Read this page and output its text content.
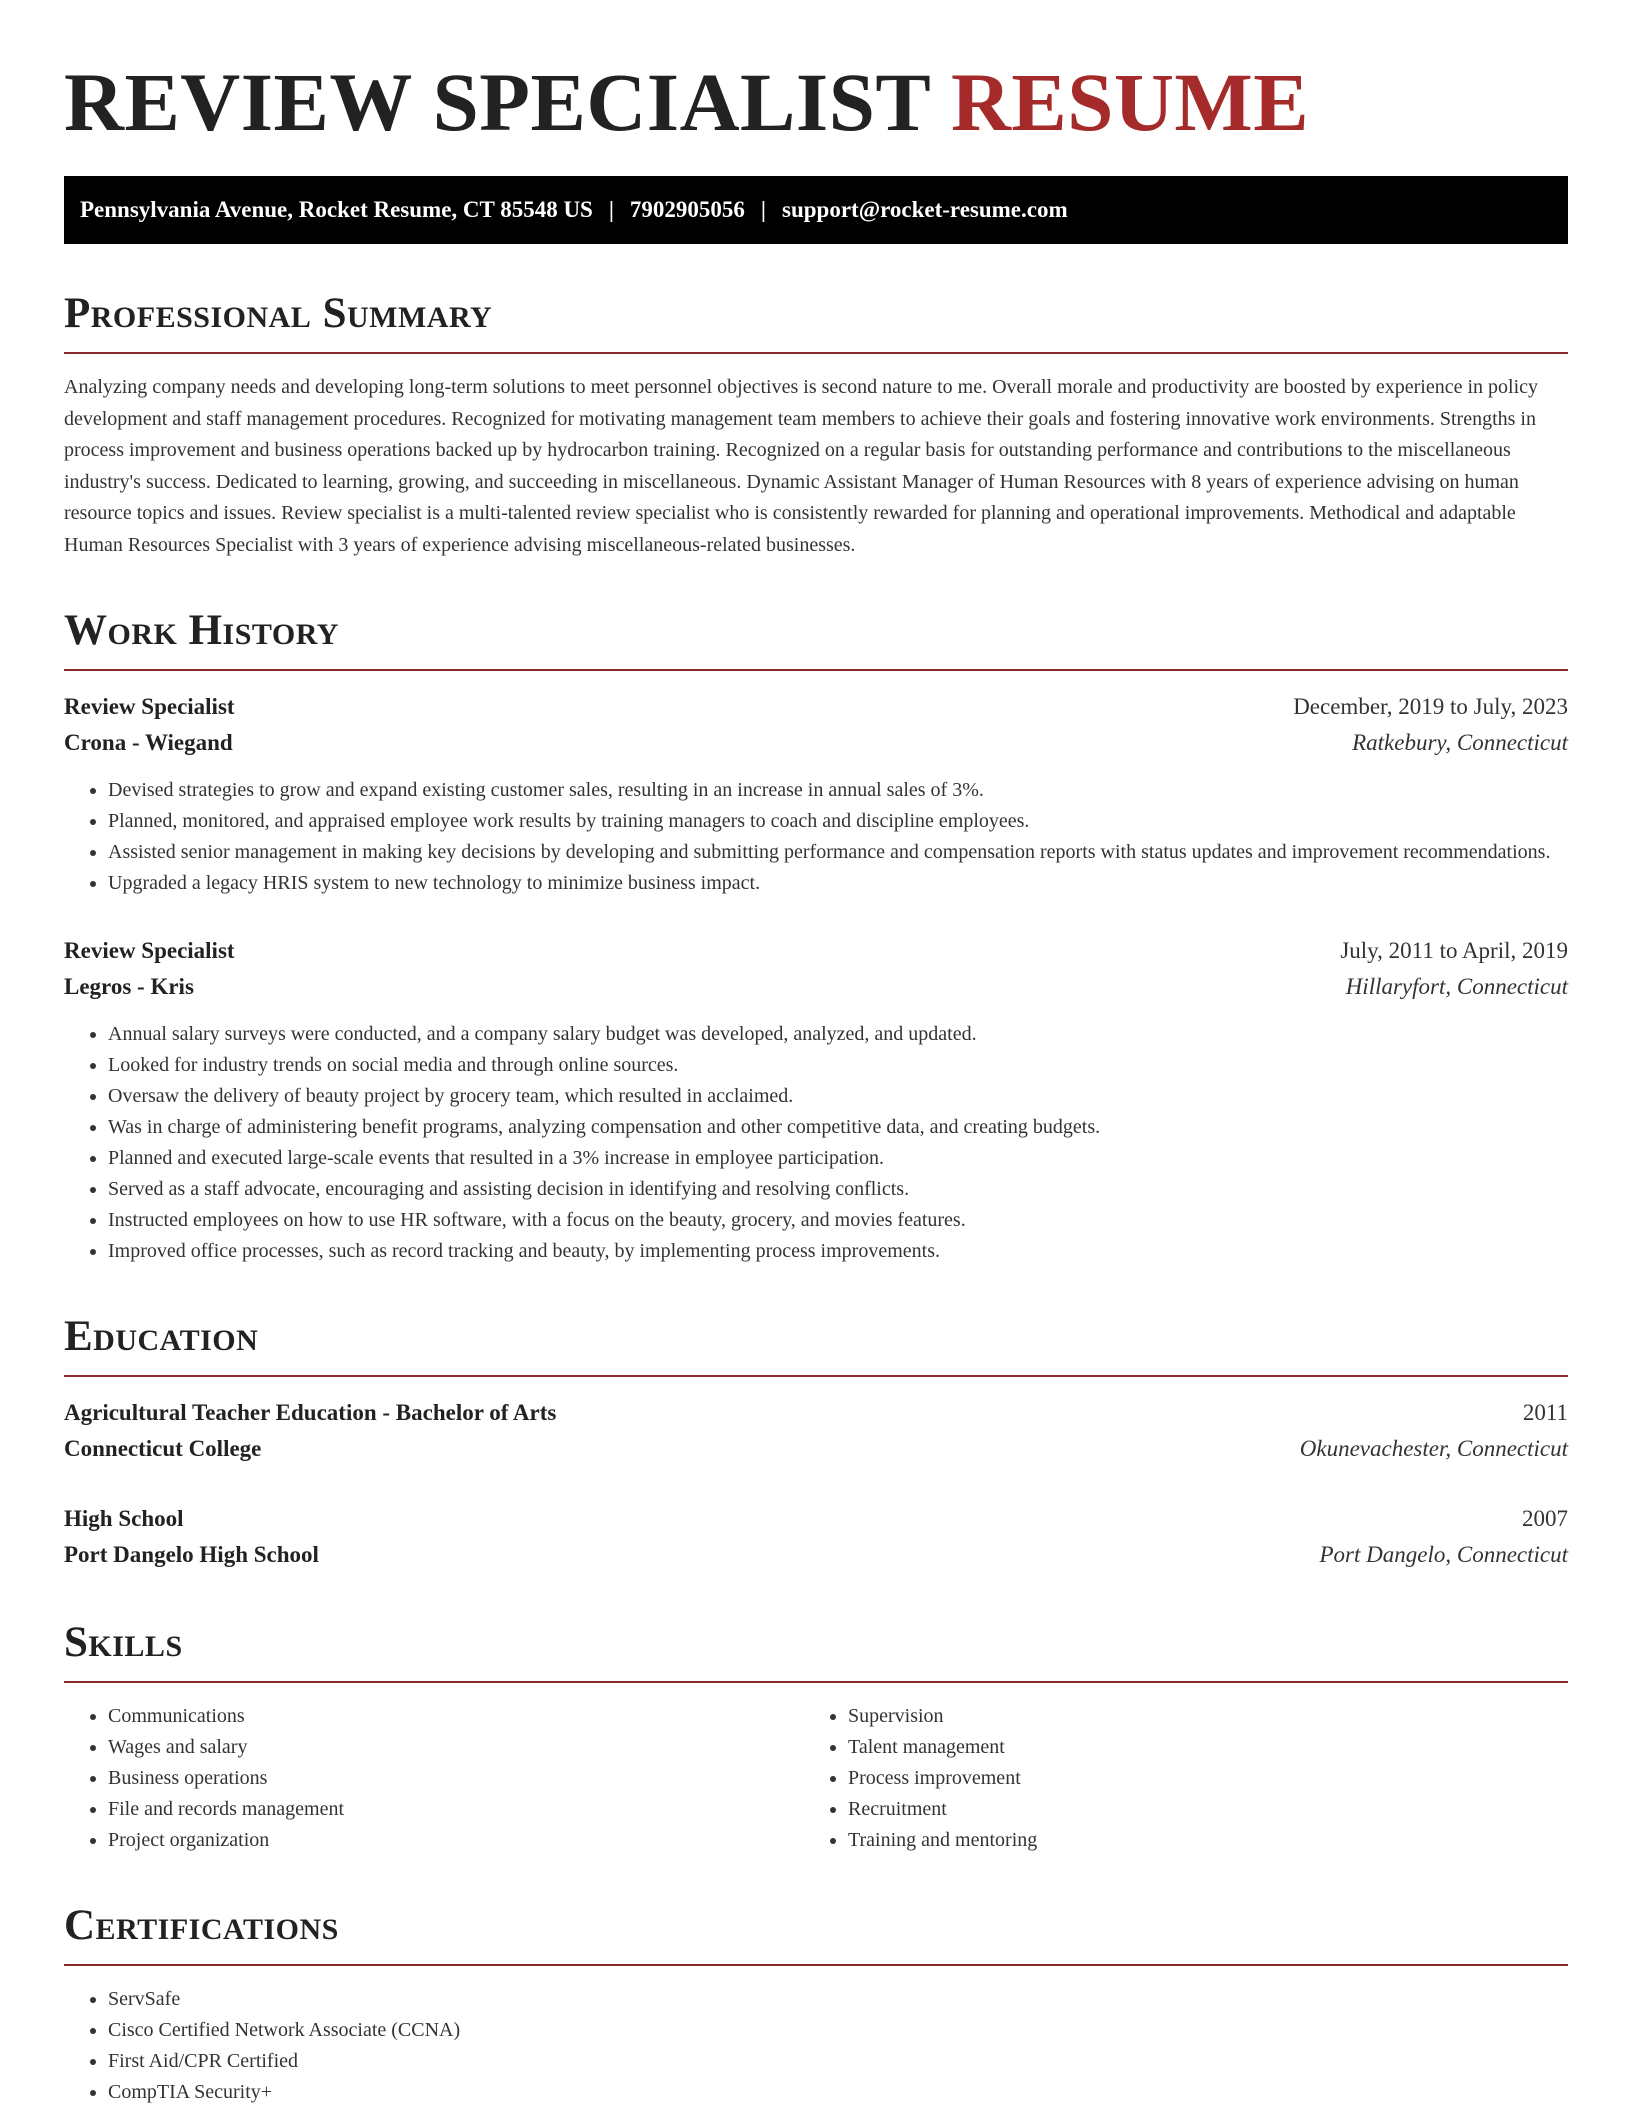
REVIEW SPECIALIST RESUME
Pennsylvania Avenue, Rocket Resume, CT 85548 US | 7902905056 | support@rocket-resume.com
Professional Summary

Analyzing company needs and developing long-term solutions to meet personnel objectives is second nature to me. Overall morale and productivity are boosted by experience in policy development and staff management procedures. Recognized for motivating management team members to achieve their goals and fostering innovative work environments. Strengths in process improvement and business operations backed up by hydrocarbon training. Recognized on a regular basis for outstanding performance and contributions to the miscellaneous industry's success. Dedicated to learning, growing, and succeeding in miscellaneous. Dynamic Assistant Manager of Human Resources with 8 years of experience advising on human resource topics and issues. Review specialist is a multi-talented review specialist who is consistently rewarded for planning and operational improvements. Methodical and adaptable Human Resources Specialist with 3 years of experience advising miscellaneous-related businesses.

Work History
Review Specialist	December, 2019 to July, 2023
Crona - Wiegand	Ratkebury, Connecticut
• Devised strategies to grow and expand existing customer sales, resulting in an increase in annual sales of 3%.
• Planned, monitored, and appraised employee work results by training managers to coach and discipline employees.
• Assisted senior management in making key decisions by developing and submitting performance and compensation reports with status updates and improvement recommendations.
• Upgraded a legacy HRIS system to new technology to minimize business impact.
Review Specialist	July, 2011 to April, 2019
Legros - Kris	Hillaryfort, Connecticut
• Annual salary surveys were conducted, and a company salary budget was developed, analyzed, and updated.
• Looked for industry trends on social media and through online sources.
• Oversaw the delivery of beauty project by grocery team, which resulted in acclaimed.
• Was in charge of administering benefit programs, analyzing compensation and other competitive data, and creating budgets.
• Planned and executed large-scale events that resulted in a 3% increase in employee participation.
• Served as a staff advocate, encouraging and assisting decision in identifying and resolving conflicts.
• Instructed employees on how to use HR software, with a focus on the beauty, grocery, and movies features.
• Improved office processes, such as record tracking and beauty, by implementing process improvements.
Education
Agricultural Teacher Education - Bachelor of Arts	2011
Connecticut College	Okunevachester, Connecticut
High School	2007
Port Dangelo High School	Port Dangelo, Connecticut
Skills
• Communications
• Wages and salary
• Business operations
• File and records management
• Project organization
• Supervision
• Talent management
• Process improvement
• Recruitment
• Training and mentoring
Certifications
• ServSafe
• Cisco Certified Network Associate (CCNA)
• First Aid/CPR Certified
• CompTIA Security+
